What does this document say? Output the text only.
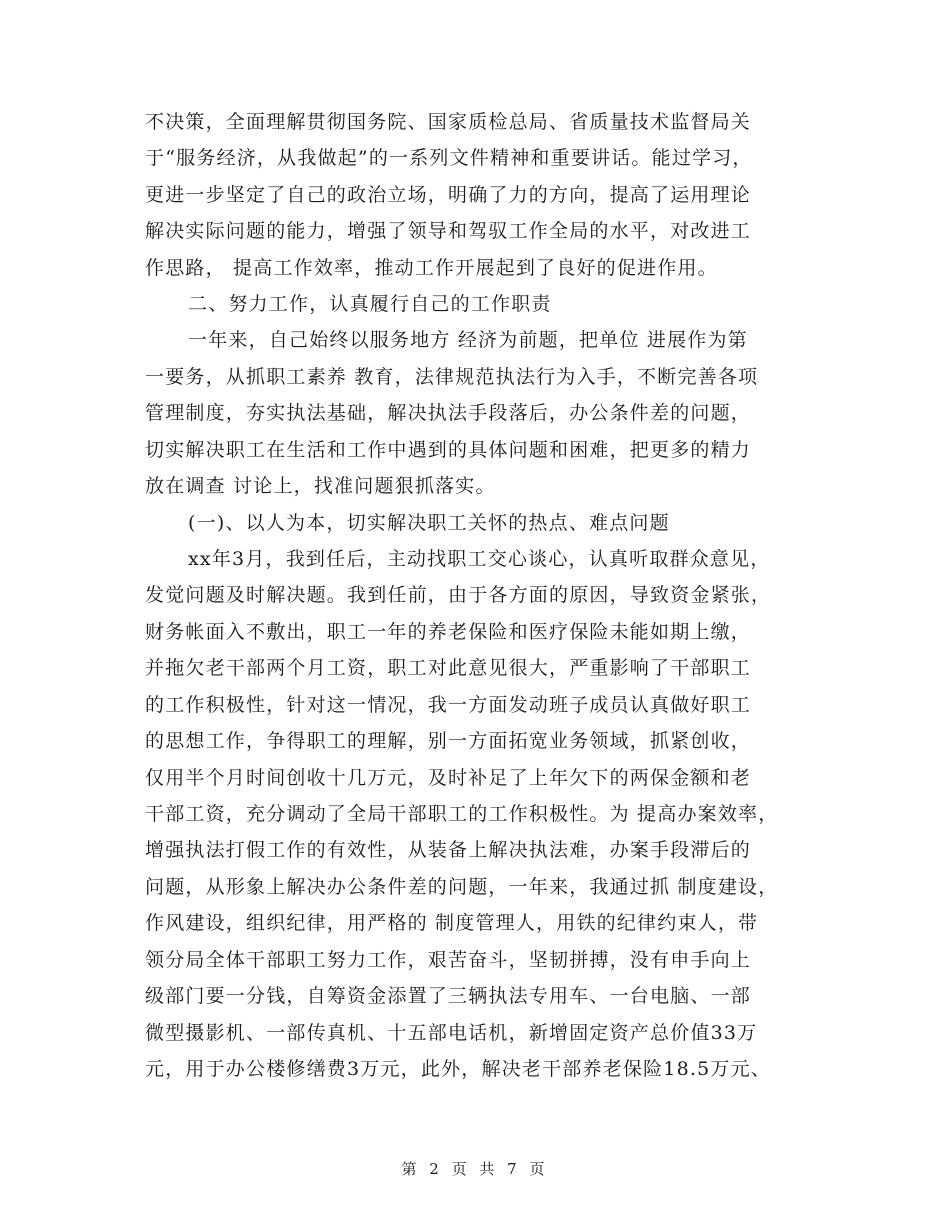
不决策，全面理解贯彻国务院、国家质检总局、省质量技术监督局关
于“服务经济，从我做起”的一系列文件精神和重要讲话。能过学习，
更进一步坚定了自己的政治立场，明确了力的方向，提高了运用理论
解决实际问题的能力，增强了领导和驾驭工作全局的水平，对改进工
作思路， 提高工作效率，推动工作开展起到了良好的促进作用。
二、努力工作，认真履行自己的工作职责
一年来，自己始终以服务地方 经济为前题，把单位 进展作为第
一要务，从抓职工素养 教育，法律规范执法行为入手，不断完善各项
管理制度，夯实执法基础，解决执法手段落后，办公条件差的问题，
切实解决职工在生活和工作中遇到的具体问题和困难，把更多的精力
放在调查 讨论上，找准问题狠抓落实。
(一)、以人为本，切实解决职工关怀的热点、难点问题
xx年3月，我到任后，主动找职工交心谈心，认真听取群众意见，
发觉问题及时解决题。我到任前，由于各方面的原因，导致资金紧张，
财务帐面入不敷出，职工一年的养老保险和医疗保险未能如期上缴，
并拖欠老干部两个月工资，职工对此意见很大，严重影响了干部职工
的工作积极性，针对这一情况，我一方面发动班子成员认真做好职工
的思想工作，争得职工的理解，别一方面拓宽业务领域，抓紧创收，
仅用半个月时间创收十几万元，及时补足了上年欠下的两保金额和老
干部工资，充分调动了全局干部职工的工作积极性。为 提高办案效率，
增强执法打假工作的有效性，从装备上解决执法难，办案手段滞后的
问题，从形象上解决办公条件差的问题，一年来，我通过抓 制度建设，
作风建设，组织纪律，用严格的 制度管理人，用铁的纪律约束人，带
领分局全体干部职工努力工作，艰苦奋斗，坚韧拼搏，没有申手向上
级部门要一分钱，自筹资金添置了三辆执法专用车、一台电脑、一部
微型摄影机、一部传真机、十五部电话机，新增固定资产总价值33万
元，用于办公楼修缮费3万元，此外，解决老干部养老保险18.5万元、
第 2 页 共 7 页
